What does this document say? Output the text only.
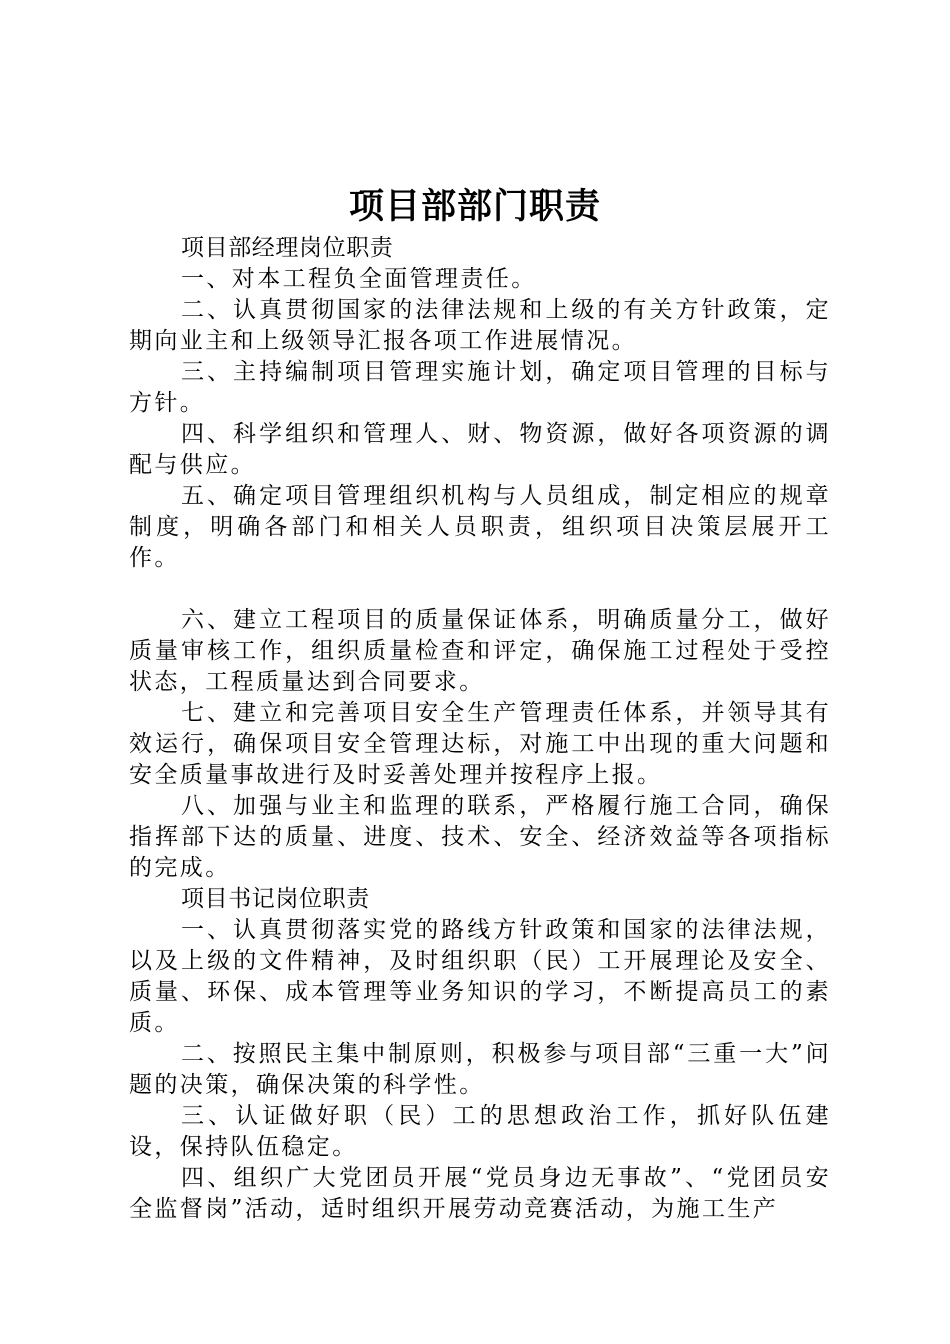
项目部部门职责

项目部经理岗位职责

一、对本工程负全面管理责任。

二、认真贯彻国家的法律法规和上级的有关方针政策，定期向业主和上级领导汇报各项工作进展情况。

三、主持编制项目管理实施计划，确定项目管理的目标与方针。

四、科学组织和管理人、财、物资源，做好各项资源的调配与供应。

五、确定项目管理组织机构与人员组成，制定相应的规章制度，明确各部门和相关人员职责，组织项目决策层展开工作。

六、建立工程项目的质量保证体系，明确质量分工，做好质量审核工作，组织质量检查和评定，确保施工过程处于受控状态，工程质量达到合同要求。

七、建立和完善项目安全生产管理责任体系，并领导其有效运行，确保项目安全管理达标，对施工中出现的重大问题和安全质量事故进行及时妥善处理并按程序上报。

八、加强与业主和监理的联系，严格履行施工合同，确保指挥部下达的质量、进度、技术、安全、经济效益等各项指标的完成。

项目书记岗位职责

一、认真贯彻落实党的路线方针政策和国家的法律法规，以及上级的文件精神，及时组织职（民）工开展理论及安全、质量、环保、成本管理等业务知识的学习，不断提高员工的素质。

二、按照民主集中制原则，积极参与项目部“三重一大”问题的决策，确保决策的科学性。

三、认证做好职（民）工的思想政治工作，抓好队伍建设，保持队伍稳定。

四、组织广大党团员开展“党员身边无事故”、“党团员安全监督岗”活动，适时组织开展劳动竞赛活动，为施工生产
